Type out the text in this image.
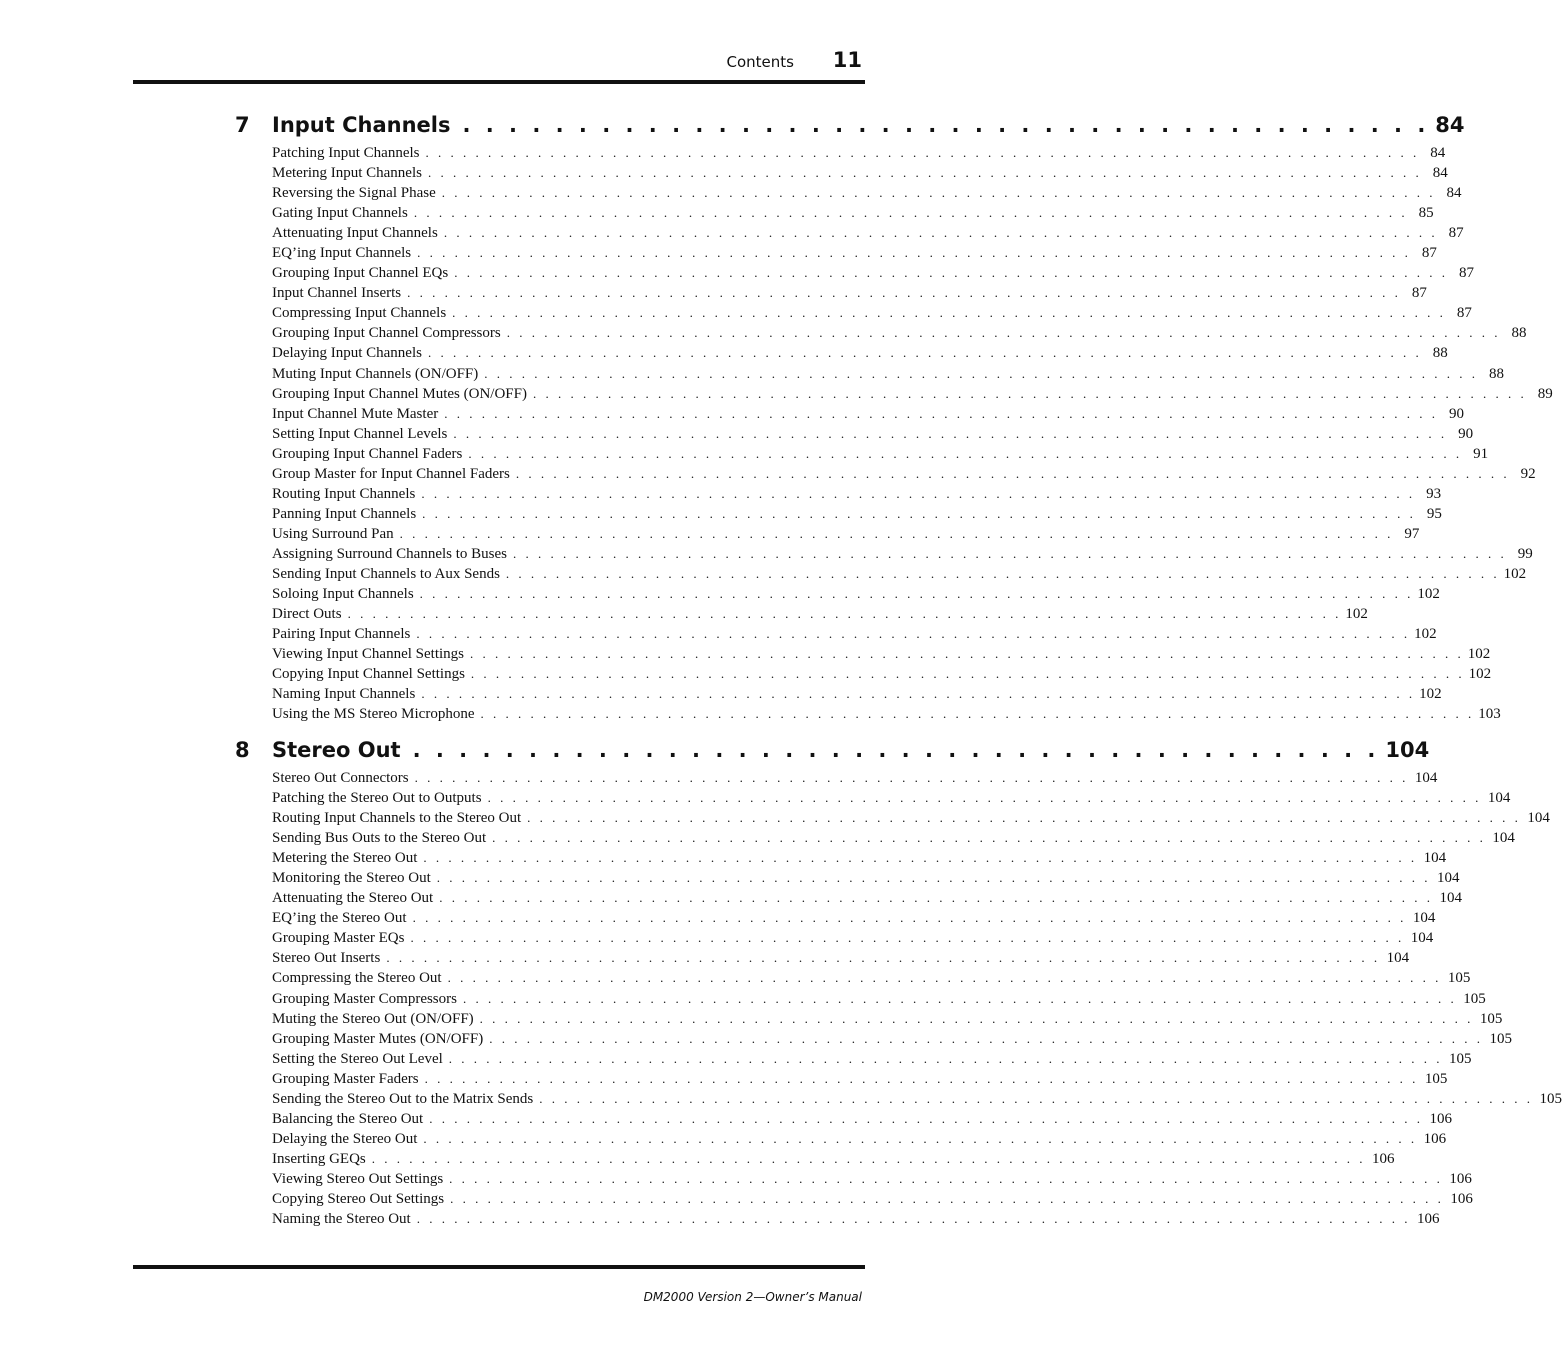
Contents 11
7	Input Channels . . . . . . . . . . . . . . . . . . . . . . . . . . . . . . . . . . . . . . . . . . 84
Patching Input Channels . . . . . . . . . . . . . . . . . . . . . . . . . . . . . . . . . . . . . . . . . . . . . . . . . . . . . . . . . . . . . . . . . . . . . . . . . . . . . . . . 84
Metering Input Channels . . . . . . . . . . . . . . . . . . . . . . . . . . . . . . . . . . . . . . . . . . . . . . . . . . . . . . . . . . . . . . . . . . . . . . . . . . . . . . . . 84
Reversing the Signal Phase . . . . . . . . . . . . . . . . . . . . . . . . . . . . . . . . . . . . . . . . . . . . . . . . . . . . . . . . . . . . . . . . . . . . . . . . . . . . . . . . 84
Gating Input Channels . . . . . . . . . . . . . . . . . . . . . . . . . . . . . . . . . . . . . . . . . . . . . . . . . . . . . . . . . . . . . . . . . . . . . . . . . . . . . . . . 85
Attenuating Input Channels . . . . . . . . . . . . . . . . . . . . . . . . . . . . . . . . . . . . . . . . . . . . . . . . . . . . . . . . . . . . . . . . . . . . . . . . . . . . . . . . 87
EQ’ing Input Channels . . . . . . . . . . . . . . . . . . . . . . . . . . . . . . . . . . . . . . . . . . . . . . . . . . . . . . . . . . . . . . . . . . . . . . . . . . . . . . . . 87
Grouping Input Channel EQs . . . . . . . . . . . . . . . . . . . . . . . . . . . . . . . . . . . . . . . . . . . . . . . . . . . . . . . . . . . . . . . . . . . . . . . . . . . . . . . . 87
Input Channel Inserts . . . . . . . . . . . . . . . . . . . . . . . . . . . . . . . . . . . . . . . . . . . . . . . . . . . . . . . . . . . . . . . . . . . . . . . . . . . . . . . . 87
Compressing Input Channels . . . . . . . . . . . . . . . . . . . . . . . . . . . . . . . . . . . . . . . . . . . . . . . . . . . . . . . . . . . . . . . . . . . . . . . . . . . . . . . . 87
Grouping Input Channel Compressors . . . . . . . . . . . . . . . . . . . . . . . . . . . . . . . . . . . . . . . . . . . . . . . . . . . . . . . . . . . . . . . . . . . . . . . . . . . . . . . . 88
Delaying Input Channels . . . . . . . . . . . . . . . . . . . . . . . . . . . . . . . . . . . . . . . . . . . . . . . . . . . . . . . . . . . . . . . . . . . . . . . . . . . . . . . . 88
Muting Input Channels (ON/OFF) . . . . . . . . . . . . . . . . . . . . . . . . . . . . . . . . . . . . . . . . . . . . . . . . . . . . . . . . . . . . . . . . . . . . . . . . . . . . . . . . 88
Grouping Input Channel Mutes (ON/OFF) . . . . . . . . . . . . . . . . . . . . . . . . . . . . . . . . . . . . . . . . . . . . . . . . . . . . . . . . . . . . . . . . . . . . . . . . . . . . . . . . 89
Input Channel Mute Master . . . . . . . . . . . . . . . . . . . . . . . . . . . . . . . . . . . . . . . . . . . . . . . . . . . . . . . . . . . . . . . . . . . . . . . . . . . . . . . . 90
Setting Input Channel Levels . . . . . . . . . . . . . . . . . . . . . . . . . . . . . . . . . . . . . . . . . . . . . . . . . . . . . . . . . . . . . . . . . . . . . . . . . . . . . . . . 90
Grouping Input Channel Faders . . . . . . . . . . . . . . . . . . . . . . . . . . . . . . . . . . . . . . . . . . . . . . . . . . . . . . . . . . . . . . . . . . . . . . . . . . . . . . . . 91
Group Master for Input Channel Faders . . . . . . . . . . . . . . . . . . . . . . . . . . . . . . . . . . . . . . . . . . . . . . . . . . . . . . . . . . . . . . . . . . . . . . . . . . . . . . . . 92
Routing Input Channels . . . . . . . . . . . . . . . . . . . . . . . . . . . . . . . . . . . . . . . . . . . . . . . . . . . . . . . . . . . . . . . . . . . . . . . . . . . . . . . . 93
Panning Input Channels . . . . . . . . . . . . . . . . . . . . . . . . . . . . . . . . . . . . . . . . . . . . . . . . . . . . . . . . . . . . . . . . . . . . . . . . . . . . . . . . 95
Using Surround Pan . . . . . . . . . . . . . . . . . . . . . . . . . . . . . . . . . . . . . . . . . . . . . . . . . . . . . . . . . . . . . . . . . . . . . . . . . . . . . . . . 97
Assigning Surround Channels to Buses . . . . . . . . . . . . . . . . . . . . . . . . . . . . . . . . . . . . . . . . . . . . . . . . . . . . . . . . . . . . . . . . . . . . . . . . . . . . . . . . 99
Sending Input Channels to Aux Sends . . . . . . . . . . . . . . . . . . . . . . . . . . . . . . . . . . . . . . . . . . . . . . . . . . . . . . . . . . . . . . . . . . . . . . . . . . . . . . . . 102
Soloing Input Channels . . . . . . . . . . . . . . . . . . . . . . . . . . . . . . . . . . . . . . . . . . . . . . . . . . . . . . . . . . . . . . . . . . . . . . . . . . . . . . . . 102
Direct Outs . . . . . . . . . . . . . . . . . . . . . . . . . . . . . . . . . . . . . . . . . . . . . . . . . . . . . . . . . . . . . . . . . . . . . . . . . . . . . . . . 102
Pairing Input Channels . . . . . . . . . . . . . . . . . . . . . . . . . . . . . . . . . . . . . . . . . . . . . . . . . . . . . . . . . . . . . . . . . . . . . . . . . . . . . . . . 102
Viewing Input Channel Settings . . . . . . . . . . . . . . . . . . . . . . . . . . . . . . . . . . . . . . . . . . . . . . . . . . . . . . . . . . . . . . . . . . . . . . . . . . . . . . . . 102
Copying Input Channel Settings . . . . . . . . . . . . . . . . . . . . . . . . . . . . . . . . . . . . . . . . . . . . . . . . . . . . . . . . . . . . . . . . . . . . . . . . . . . . . . . . 102
Naming Input Channels . . . . . . . . . . . . . . . . . . . . . . . . . . . . . . . . . . . . . . . . . . . . . . . . . . . . . . . . . . . . . . . . . . . . . . . . . . . . . . . . 102
Using the MS Stereo Microphone . . . . . . . . . . . . . . . . . . . . . . . . . . . . . . . . . . . . . . . . . . . . . . . . . . . . . . . . . . . . . . . . . . . . . . . . . . . . . . . . 103
8	Stereo Out . . . . . . . . . . . . . . . . . . . . . . . . . . . . . . . . . . . . . . . . . . 104
Stereo Out Connectors . . . . . . . . . . . . . . . . . . . . . . . . . . . . . . . . . . . . . . . . . . . . . . . . . . . . . . . . . . . . . . . . . . . . . . . . . . . . . . . . 104
Patching the Stereo Out to Outputs . . . . . . . . . . . . . . . . . . . . . . . . . . . . . . . . . . . . . . . . . . . . . . . . . . . . . . . . . . . . . . . . . . . . . . . . . . . . . . . . 104
Routing Input Channels to the Stereo Out . . . . . . . . . . . . . . . . . . . . . . . . . . . . . . . . . . . . . . . . . . . . . . . . . . . . . . . . . . . . . . . . . . . . . . . . . . . . . . . . 104
Sending Bus Outs to the Stereo Out . . . . . . . . . . . . . . . . . . . . . . . . . . . . . . . . . . . . . . . . . . . . . . . . . . . . . . . . . . . . . . . . . . . . . . . . . . . . . . . . 104
Metering the Stereo Out . . . . . . . . . . . . . . . . . . . . . . . . . . . . . . . . . . . . . . . . . . . . . . . . . . . . . . . . . . . . . . . . . . . . . . . . . . . . . . . . 104
Monitoring the Stereo Out . . . . . . . . . . . . . . . . . . . . . . . . . . . . . . . . . . . . . . . . . . . . . . . . . . . . . . . . . . . . . . . . . . . . . . . . . . . . . . . . 104
Attenuating the Stereo Out . . . . . . . . . . . . . . . . . . . . . . . . . . . . . . . . . . . . . . . . . . . . . . . . . . . . . . . . . . . . . . . . . . . . . . . . . . . . . . . . 104
EQ’ing the Stereo Out . . . . . . . . . . . . . . . . . . . . . . . . . . . . . . . . . . . . . . . . . . . . . . . . . . . . . . . . . . . . . . . . . . . . . . . . . . . . . . . . 104
Grouping Master EQs . . . . . . . . . . . . . . . . . . . . . . . . . . . . . . . . . . . . . . . . . . . . . . . . . . . . . . . . . . . . . . . . . . . . . . . . . . . . . . . . 104
Stereo Out Inserts . . . . . . . . . . . . . . . . . . . . . . . . . . . . . . . . . . . . . . . . . . . . . . . . . . . . . . . . . . . . . . . . . . . . . . . . . . . . . . . . 104
Compressing the Stereo Out . . . . . . . . . . . . . . . . . . . . . . . . . . . . . . . . . . . . . . . . . . . . . . . . . . . . . . . . . . . . . . . . . . . . . . . . . . . . . . . . 105
Grouping Master Compressors . . . . . . . . . . . . . . . . . . . . . . . . . . . . . . . . . . . . . . . . . . . . . . . . . . . . . . . . . . . . . . . . . . . . . . . . . . . . . . . . 105
Muting the Stereo Out (ON/OFF) . . . . . . . . . . . . . . . . . . . . . . . . . . . . . . . . . . . . . . . . . . . . . . . . . . . . . . . . . . . . . . . . . . . . . . . . . . . . . . . . 105
Grouping Master Mutes (ON/OFF) . . . . . . . . . . . . . . . . . . . . . . . . . . . . . . . . . . . . . . . . . . . . . . . . . . . . . . . . . . . . . . . . . . . . . . . . . . . . . . . . 105
Setting the Stereo Out Level . . . . . . . . . . . . . . . . . . . . . . . . . . . . . . . . . . . . . . . . . . . . . . . . . . . . . . . . . . . . . . . . . . . . . . . . . . . . . . . . 105
Grouping Master Faders . . . . . . . . . . . . . . . . . . . . . . . . . . . . . . . . . . . . . . . . . . . . . . . . . . . . . . . . . . . . . . . . . . . . . . . . . . . . . . . . 105
Sending the Stereo Out to the Matrix Sends . . . . . . . . . . . . . . . . . . . . . . . . . . . . . . . . . . . . . . . . . . . . . . . . . . . . . . . . . . . . . . . . . . . . . . . . . . . . . . . . 105
Balancing the Stereo Out . . . . . . . . . . . . . . . . . . . . . . . . . . . . . . . . . . . . . . . . . . . . . . . . . . . . . . . . . . . . . . . . . . . . . . . . . . . . . . . . 106
Delaying the Stereo Out . . . . . . . . . . . . . . . . . . . . . . . . . . . . . . . . . . . . . . . . . . . . . . . . . . . . . . . . . . . . . . . . . . . . . . . . . . . . . . . . 106
Inserting GEQs . . . . . . . . . . . . . . . . . . . . . . . . . . . . . . . . . . . . . . . . . . . . . . . . . . . . . . . . . . . . . . . . . . . . . . . . . . . . . . . . 106
Viewing Stereo Out Settings . . . . . . . . . . . . . . . . . . . . . . . . . . . . . . . . . . . . . . . . . . . . . . . . . . . . . . . . . . . . . . . . . . . . . . . . . . . . . . . . 106
Copying Stereo Out Settings . . . . . . . . . . . . . . . . . . . . . . . . . . . . . . . . . . . . . . . . . . . . . . . . . . . . . . . . . . . . . . . . . . . . . . . . . . . . . . . . 106
Naming the Stereo Out . . . . . . . . . . . . . . . . . . . . . . . . . . . . . . . . . . . . . . . . . . . . . . . . . . . . . . . . . . . . . . . . . . . . . . . . . . . . . . . . 106
DM2000 Version 2—Owner’s Manual
